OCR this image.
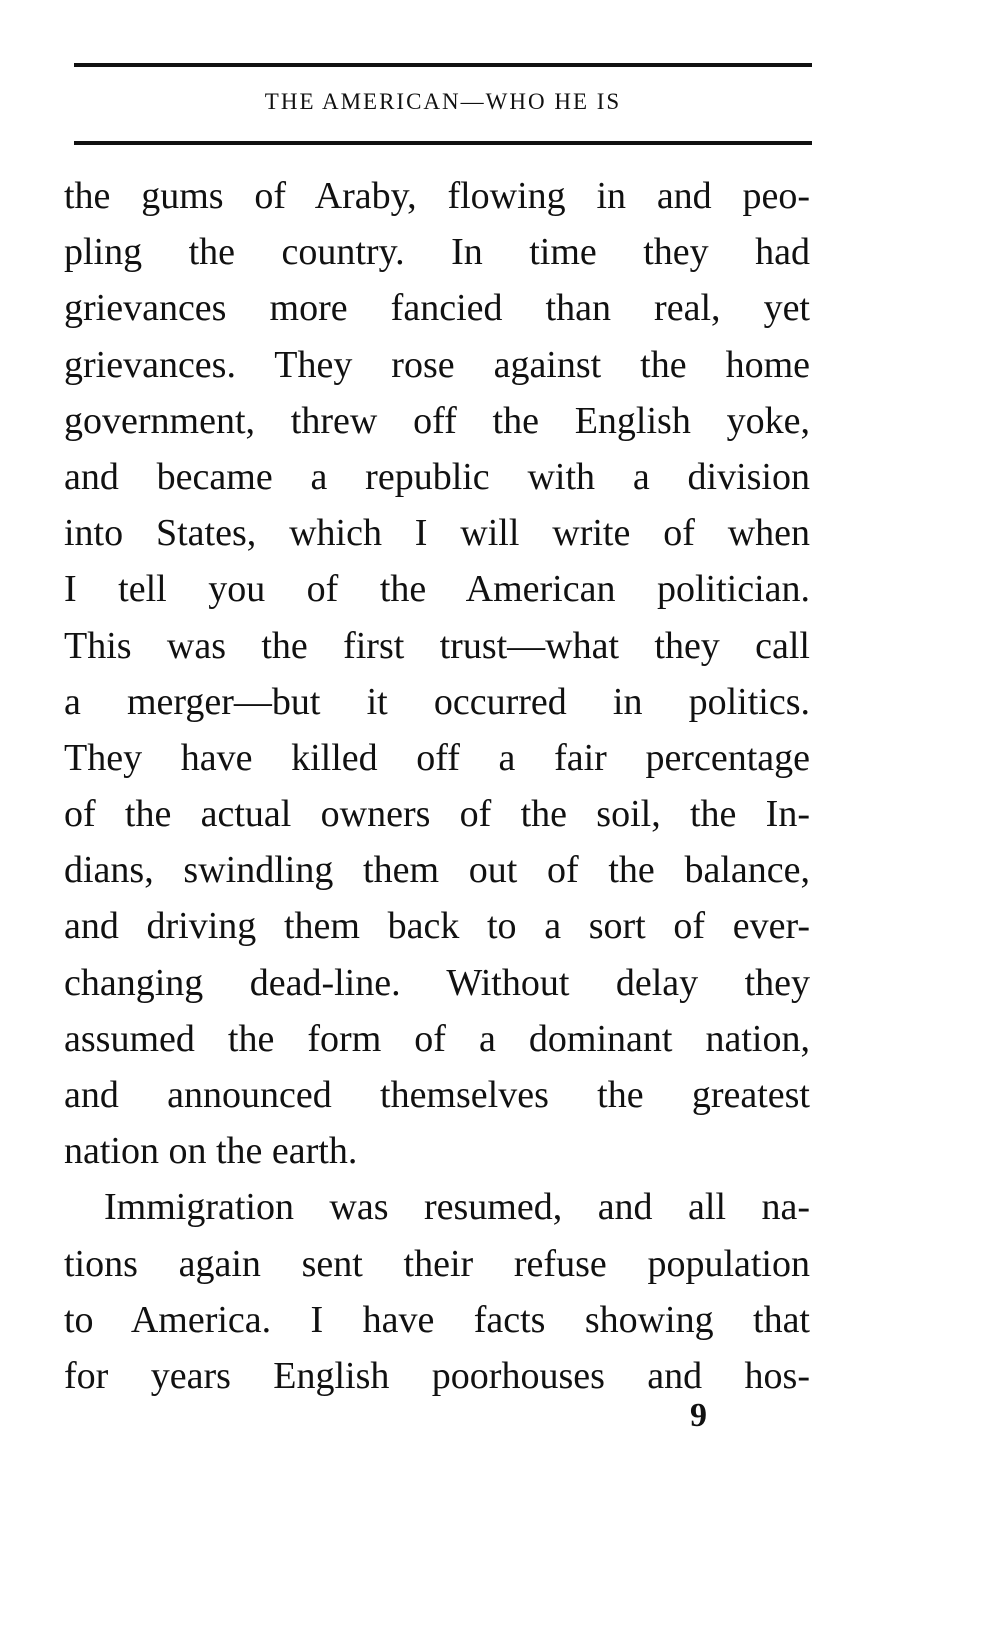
THE AMERICAN—WHO HE IS
the gums of Araby, flowing in and peo-
pling the country. In time they had
grievances more fancied than real, yet
grievances. They rose against the home
government, threw off the English yoke,
and became a republic with a division
into States, which I will write of when
I tell you of the American politician.
This was the first trust—what they call
a merger—but it occurred in politics.
They have killed off a fair percentage
of the actual owners of the soil, the In-
dians, swindling them out of the balance,
and driving them back to a sort of ever-
changing dead-line. Without delay they
assumed the form of a dominant nation,
and announced themselves the greatest
nation on the earth.
Immigration was resumed, and all na-
tions again sent their refuse population
to America. I have facts showing that
for years English poorhouses and hos-
9
